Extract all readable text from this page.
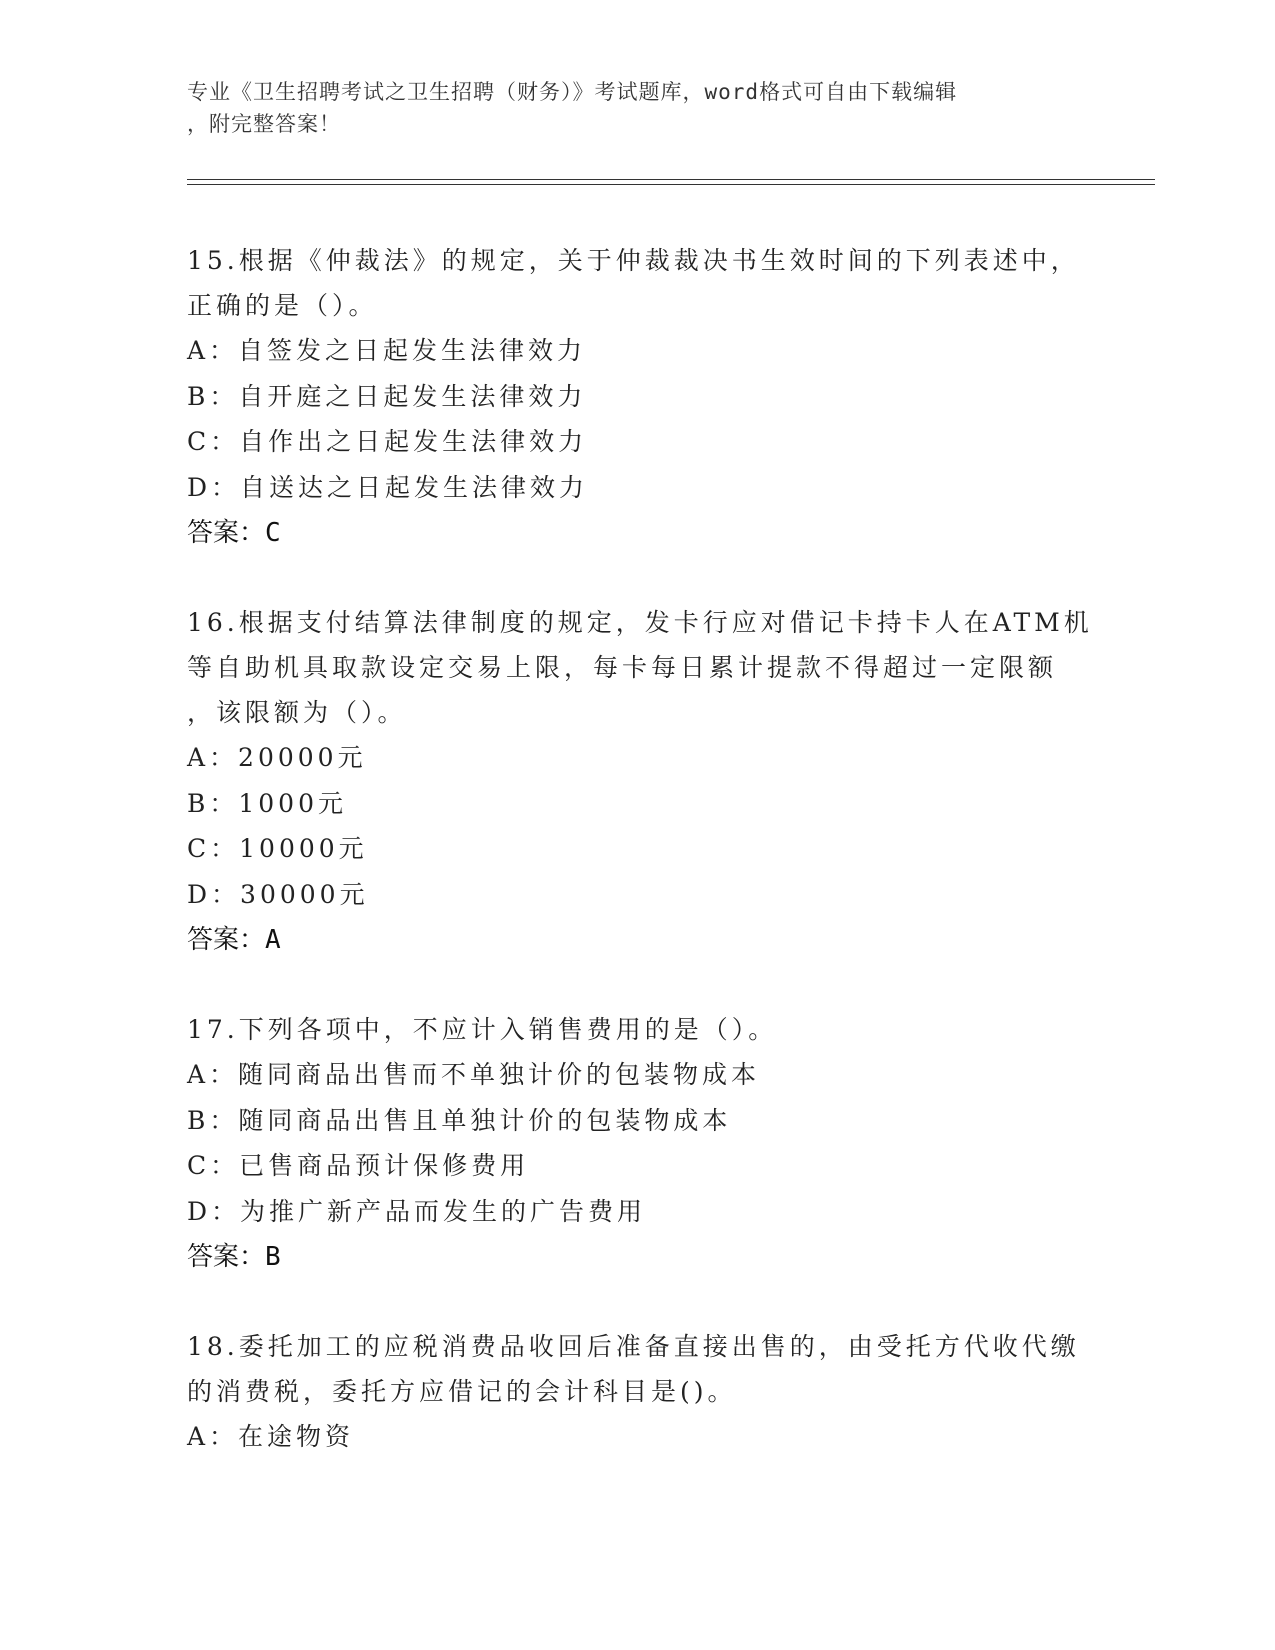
专业《卫生招聘考试之卫生招聘（财务）》考试题库，word格式可自由下载编辑
，附完整答案！
15.根据《仲裁法》的规定，关于仲裁裁决书生效时间的下列表述中，
正确的是（）。
A：自签发之日起发生法律效力
B：自开庭之日起发生法律效力
C：自作出之日起发生法律效力
D：自送达之日起发生法律效力
答案：C
16.根据支付结算法律制度的规定，发卡行应对借记卡持卡人在ATM机
等自助机具取款设定交易上限，每卡每日累计提款不得超过一定限额
，该限额为（）。
A：20000元
B：1000元
C：10000元
D：30000元
答案：A
17.下列各项中，不应计入销售费用的是（）。
A：随同商品出售而不单独计价的包装物成本
B：随同商品出售且单独计价的包装物成本
C：已售商品预计保修费用
D：为推广新产品而发生的广告费用
答案：B
18.委托加工的应税消费品收回后准备直接出售的，由受托方代收代缴
的消费税，委托方应借记的会计科目是()。
A：在途物资
